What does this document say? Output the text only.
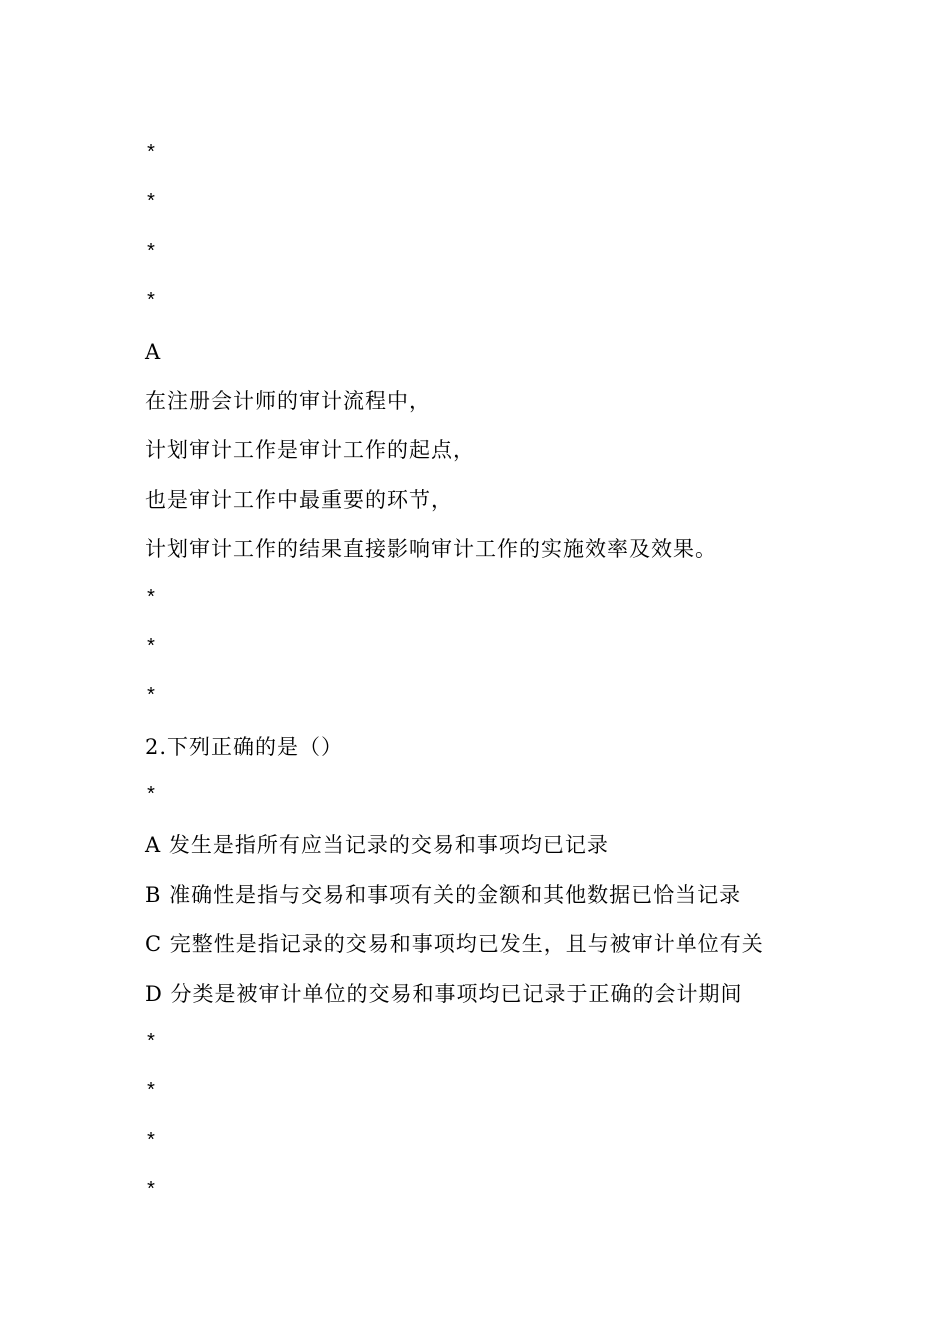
*
*
*
*
A
在注册会计师的审计流程中，
计划审计工作是审计工作的起点，
也是审计工作中最重要的环节，
计划审计工作的结果直接影响审计工作的实施效率及效果。
*
*
*
2.下列正确的是（）
*
A 发生是指所有应当记录的交易和事项均已记录
B 准确性是指与交易和事项有关的金额和其他数据已恰当记录
C 完整性是指记录的交易和事项均已发生，且与被审计单位有关
D 分类是被审计单位的交易和事项均已记录于正确的会计期间
*
*
*
*
